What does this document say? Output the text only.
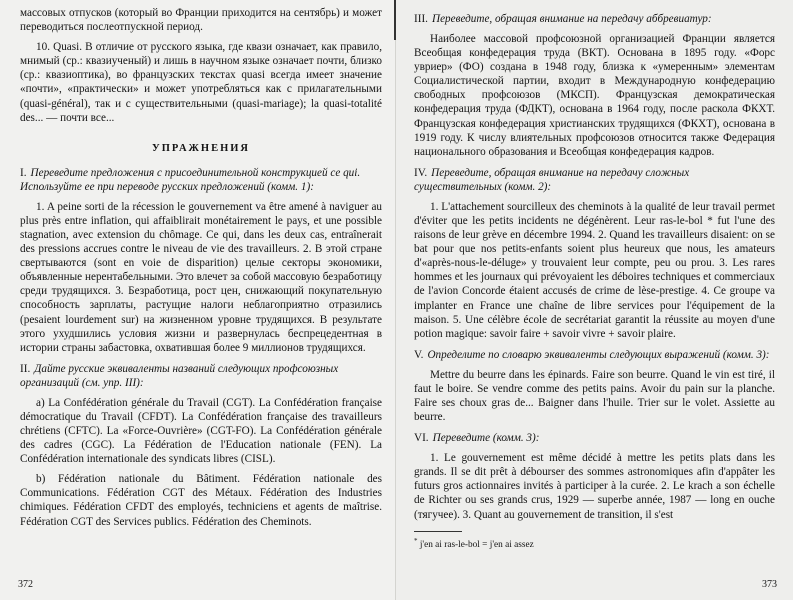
массовых отпусков (который во Франции приходится на сентябрь) и может переводиться послеотпускной период.

10. Quasi. В отличие от русского языка, где квази означает, как правило, мнимый (ср.: квазиученый) и лишь в научном языке означает почти, близко (ср.: квазиоптика), во французских текстах quasi всегда имеет значение «почти», «практически» и может употребляться как с прилагательными (quasi-général), так и с существительными (quasi-mariage); la quasi-totalité des... — почти все...

УПРАЖНЕНИЯ
I. Переведите предложения с присоединительной конструкцией ce qui. Используйте ее при переводе русских предложений (комм. 1):

1. A peine sorti de la récession le gouvernement va être amené à naviguer au plus près entre inflation, qui affaiblirait monétairement le pays, et une possible stagnation, avec extension du chômage. Ce qui, dans les deux cas, entraînerait des pressions accrues contre le niveau de vie des travailleurs. 2. В этой стране свертываются (sont en voie de disparition) целые секторы экономики, объявленные нерентабельными. Это влечет за собой массовую безработицу среди трудящихся. 3. Безработица, рост цен, снижающий покупательную способность зарплаты, растущие налоги неблагоприятно отразились (pesaient lourdement sur) на жизненном уровне трудящихся. В результате этого ухудшились условия жизни и развернулась беспрецедентная в истории страны забастовка, охватившая более 9 миллионов трудящихся.

II. Дайте русские эквиваленты названий следующих профсоюзных организаций (см. упр. III):

a) La Confédération générale du Travail (CGT). La Confédération française démocratique du Travail (CFDT). La Confédération française des travailleurs chrétiens (CFTC). La «Force-Ouvrière» (CGT-FO). La Confédération générale des cadres (CGC). La Fédération de l'Education nationale (FEN). La Confédération internationale des syndicats libres (CISL).

b) Fédération nationale du Bâtiment. Fédération nationale des Communications. Fédération CGT des Métaux. Fédération des Industries chimiques. Fédération CFDT des employés, techniciens et agents de maîtrise. Fédération CGT des Services publics. Fédération des Cheminots.

372
III. Переведите, обращая внимание на передачу аббревиатур:

Наиболее массовой профсоюзной организацией Франции является Всеобщая конфедерация труда (ВКТ). Основана в 1895 году. «Форс увриер» (ФО) создана в 1948 году, близка к «умеренным» элементам Социалистической партии, входит в Международную конфедерацию свободных профсоюзов (МКСП). Французская демократическая конфедерация труда (ФДКТ), основана в 1964 году, после раскола ФКХТ. Французская конфедерация христианских трудящихся (ФКХТ), основана в 1919 году. К числу влиятельных профсоюзов относится также Федерация национального образования и Всеобщая конфедерация кадров.

IV. Переведите, обращая внимание на передачу сложных существительных (комм. 2):

1. L'attachement sourcilleux des cheminots à la qualité de leur travail permet d'éviter que les petits incidents ne dégénèrent. Leur ras-le-bol * fut l'une des raisons de leur grève en décembre 1994. 2. Quand les travailleurs disaient: on se bat pour que nos petits-enfants soient plus heureux que nous, les amateurs d'«après-nous-le-déluge» y trouvaient leur compte, peu ou prou. 3. Les rares hommes et les journaux qui prévoyaient les déboires techniques et commerciaux de l'avion Concorde étaient accusés de crime de lèse-prestige. 4. Ce groupe va implanter en France une chaîne de libre services pour l'équipement de la maison. 5. Une célèbre école de secrétariat garantit la réussite au moyen d'une potion magique: savoir faire + savoir vivre + savoir plaire.

V. Определите по словарю эквиваленты следующих выражений (комм. 3):

Mettre du beurre dans les épinards. Faire son beurre. Quand le vin est tiré, il faut le boire. Se vendre comme des petits pains. Avoir du pain sur la planche. Faire ses choux gras de... Baigner dans l'huile. Trier sur le volet. Assiette au beurre.

VI. Переведите (комм. 3):

1. Le gouvernement est même décidé à mettre les petits plats dans les grands. Il se dit prêt à débourser des sommes astronomiques afin d'appâter les futurs gros actionnaires invités à participer à la curée. 2. Le krach a son échelle de Richter ou ses grands crus, 1929 — superbe année, 1987 — long en ouche (тягучее). 3. Quant au gouvernement de transition, il s'est

* j'en ai ras-le-bol = j'en ai assez
373
